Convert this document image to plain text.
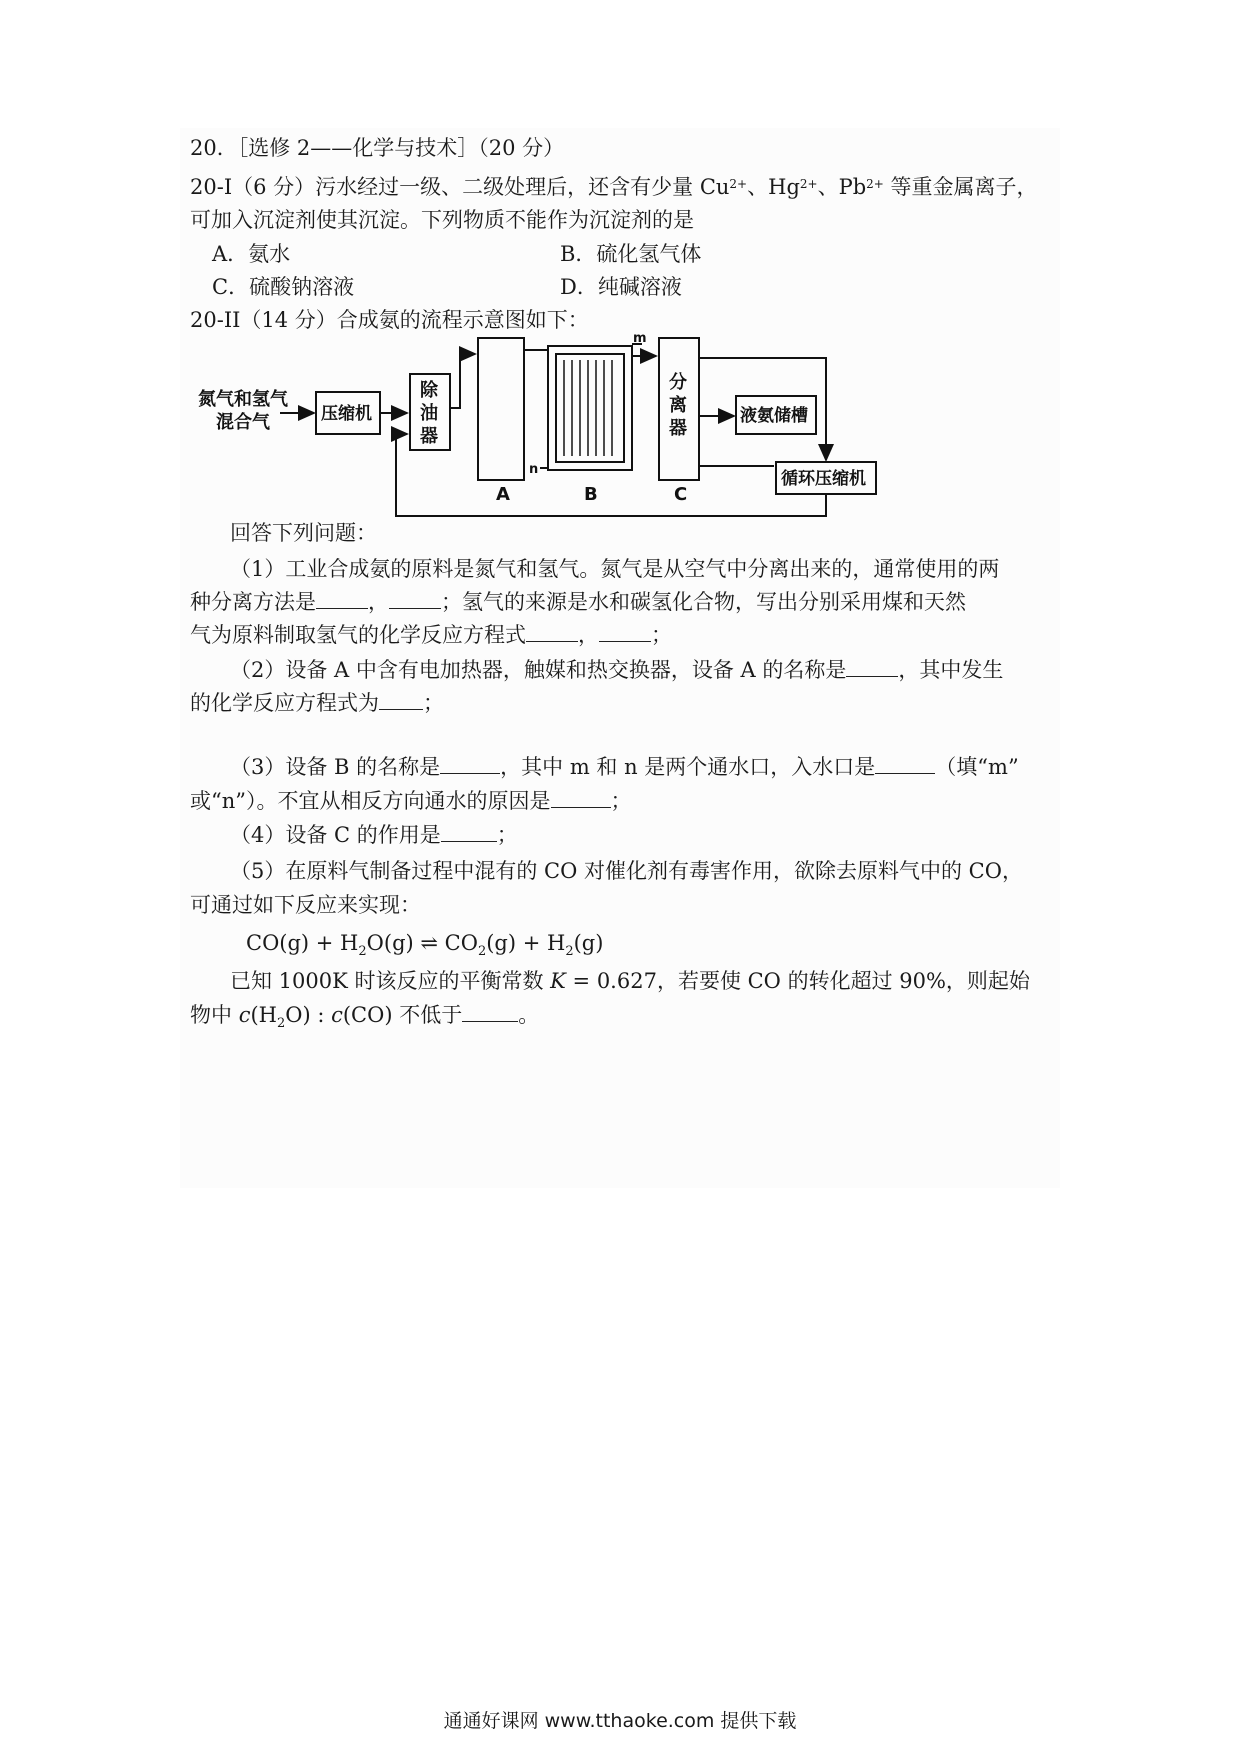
20．［选修 2——化学与技术］（20 分）
20-I（6 分）污水经过一级、二级处理后，还含有少量 $Cu^{2+}$、$Hg^{2+}$、$Pb^{2+}$ 等重金属离子，
可加入沉淀剂使其沉淀。下列物质不能作为沉淀剂的是
A．氨水	B．硫化氢气体
C．硫酸钠溶液	D．纯碱溶液
20-II（14 分）合成氨的流程示意图如下：
氮气和氢气
混合气	压缩机
除
油
器
分
离
器
液氨储槽
循环压缩机
A	B	C
m
n
回答下列问题：
（1）工业合成氨的原料是氮气和氢气。氮气是从空气中分离出来的，通常使用的两
种分离方法是 ， ；氢气的来源是水和碳氢化合物，写出分别采用煤和天然
气为原料制取氢气的化学反应方程式 ， ；
（2）设备 A 中含有电加热器，触媒和热交换器，设备 A 的名称是 ，其中发生
的化学反应方程式为 ；
（3）设备 B 的名称是	，其中 m 和 n 是两个通水口，入水口是	（填“m”
或“n”）。不宜从相反方向通水的原因是	；
（4）设备 C 的作用是	；
（5）在原料气制备过程中混有的 CO 对催化剂有毒害作用，欲除去原料气中的 CO，
可通过如下反应来实现：
$CO(g) + H_2O(g)$ ⇌ $CO_2(g) + H_2(g)$
已知 1000K 时该反应的平衡常数 K = 0.627，若要使 CO 的转化超过 90%，则起始
物中 $c(H_2O)$ : c(CO) 不低于	。
通通好课网 www.tthaoke.com 提供下载
